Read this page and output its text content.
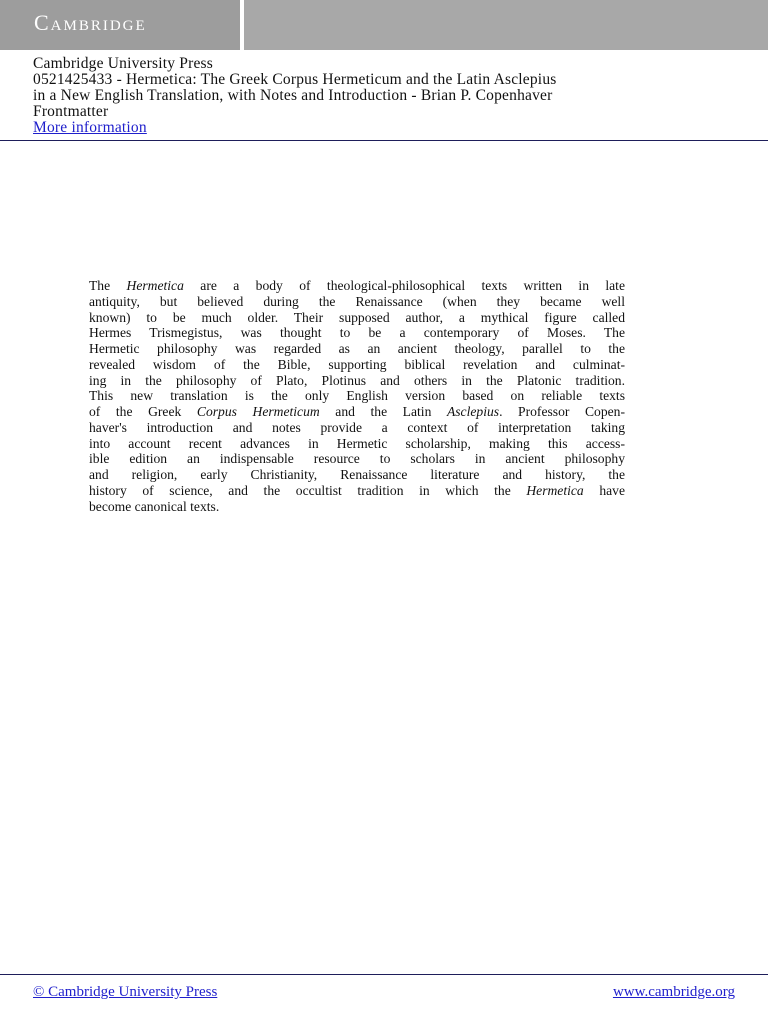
Cambridge
Cambridge University Press
0521425433 - Hermetica: The Greek Corpus Hermeticum and the Latin Asclepius
in a New English Translation, with Notes and Introduction - Brian P. Copenhaver
Frontmatter
More information
The Hermetica are a body of theological-philosophical texts written in late
antiquity, but believed during the Renaissance (when they became well
known) to be much older. Their supposed author, a mythical figure called
Hermes Trismegistus, was thought to be a contemporary of Moses. The
Hermetic philosophy was regarded as an ancient theology, parallel to the
revealed wisdom of the Bible, supporting biblical revelation and culminat-
ing in the philosophy of Plato, Plotinus and others in the Platonic tradition.
This new translation is the only English version based on reliable texts
of the Greek Corpus Hermeticum and the Latin Asclepius. Professor Copen-
haver's introduction and notes provide a context of interpretation taking
into account recent advances in Hermetic scholarship, making this access-
ible edition an indispensable resource to scholars in ancient philosophy
and religion, early Christianity, Renaissance literature and history, the
history of science, and the occultist tradition in which the Hermetica have
become canonical texts.
© Cambridge University Press	www.cambridge.org
